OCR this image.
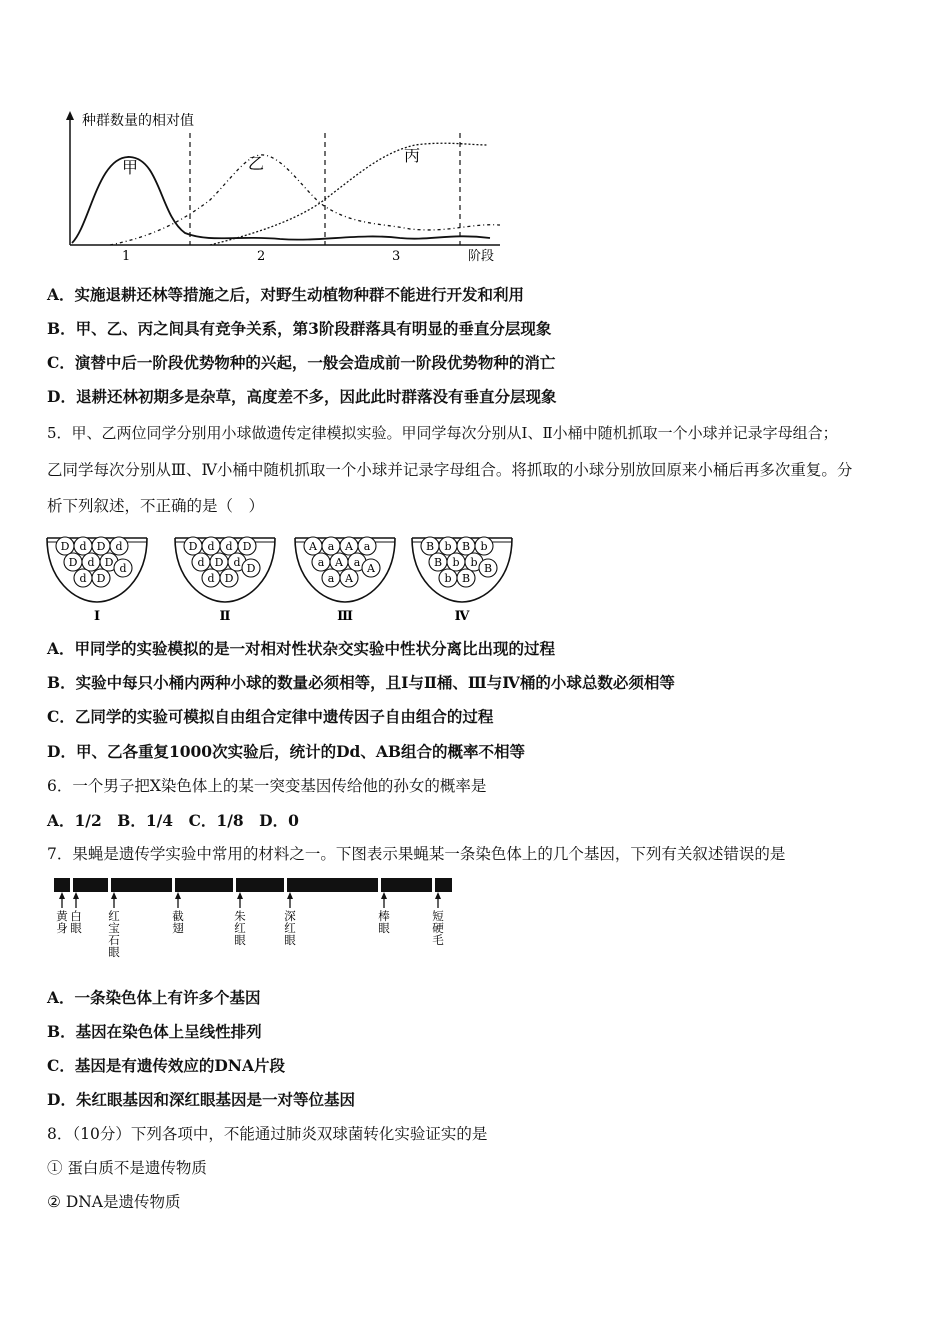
种群数量的相对值
甲	乙	丙
1	2	3	阶段
A．实施退耕还林等措施之后，对野生动植物种群不能进行开发和利用
B．甲、乙、丙之间具有竞争关系，第3阶段群落具有明显的垂直分层现象
C．演替中后一阶段优势物种的兴起，一般会造成前一阶段优势物种的消亡
D．退耕还林初期多是杂草，高度差不多，因此此时群落没有垂直分层现象
5．甲、乙两位同学分别用小球做遗传定律模拟实验。甲同学每次分别从Ⅰ、Ⅱ小桶中随机抓取一个小球并记录字母组合；
乙同学每次分别从Ⅲ、Ⅳ小桶中随机抓取一个小球并记录字母组合。将抓取的小球分别放回原来小桶后再多次重复。分
析下列叙述，不正确的是（　）
D d D d
D d D d
d D
Ⅰ
D d d D
d D d D
d D
Ⅱ
A a A a
a A a A
a A
Ⅲ
B b B b
B b b B
b B
Ⅳ
A．甲同学的实验模拟的是一对相对性状杂交实验中性状分离比出现的过程
B．实验中每只小桶内两种小球的数量必须相等，且Ⅰ与Ⅱ桶、Ⅲ与Ⅳ桶的小球总数必须相等
C．乙同学的实验可模拟自由组合定律中遗传因子自由组合的过程
D．甲、乙各重复1000次实验后，统计的Dd、AB组合的概率不相等
6．一个男子把X染色体上的某一突变基因传给他的孙女的概率是
A．1/2　B．1/4　C．1/8　D．0
7．果蝇是遗传学实验中常用的材料之一。下图表示果蝇某一条染色体上的几个基因，下列有关叙述错误的是
黄
身
白
眼
红
宝
石
眼
截
翅
朱
红
眼
深
红
眼
棒
眼
短
硬
毛
A．一条染色体上有许多个基因
B．基因在染色体上呈线性排列
C．基因是有遗传效应的DNA片段
D．朱红眼基因和深红眼基因是一对等位基因
8．（10分）下列各项中，不能通过肺炎双球菌转化实验证实的是
① 蛋白质不是遗传物质
② DNA是遗传物质
